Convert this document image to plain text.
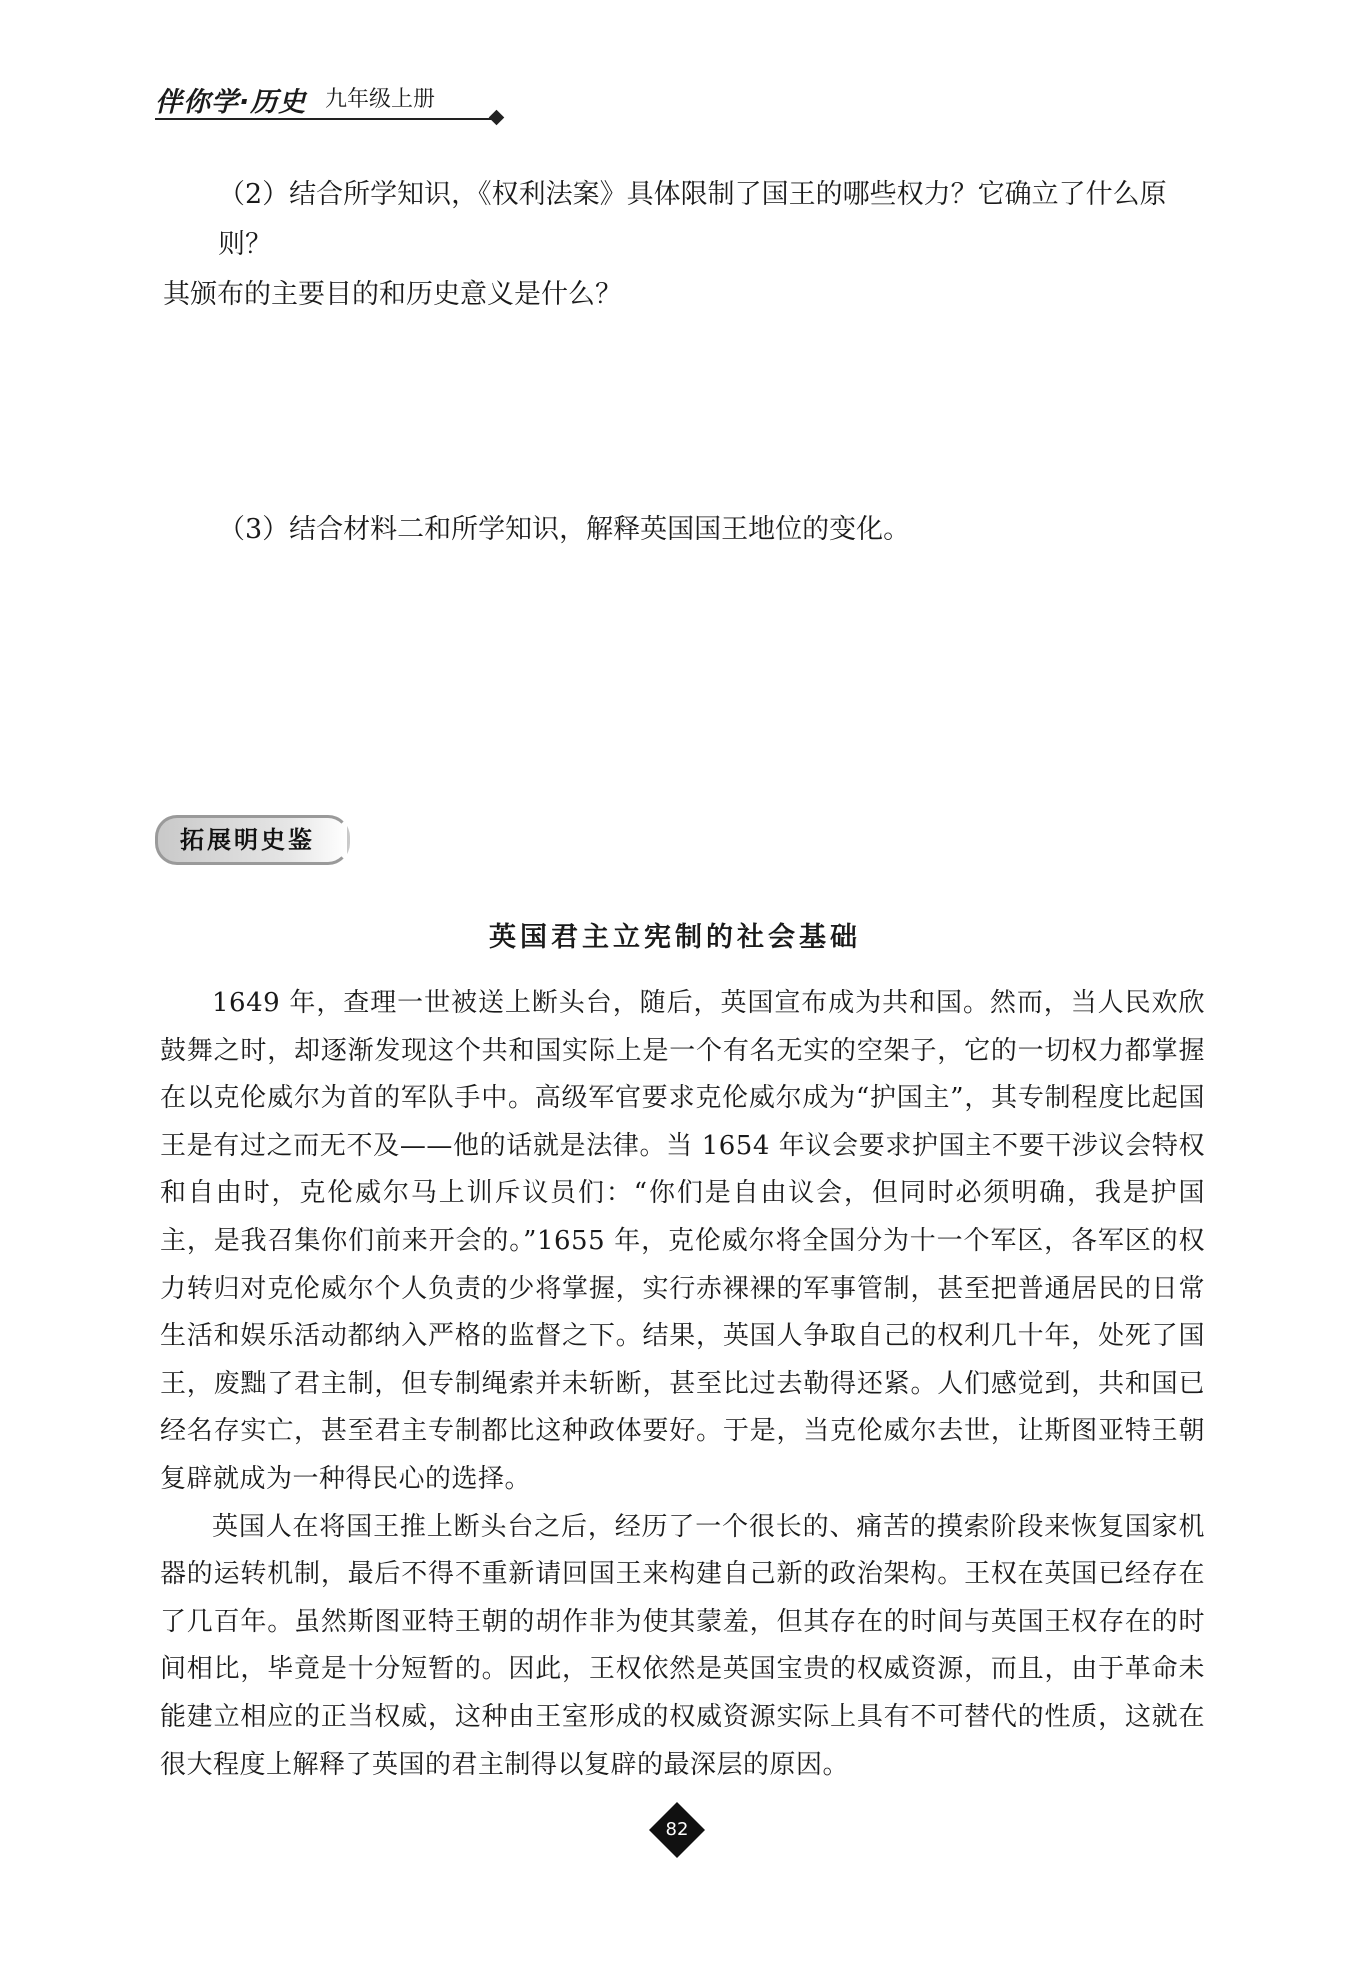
伴你学·历史 九年级上册
（2）结合所学知识，《权利法案》具体限制了国王的哪些权力？它确立了什么原则？
其颁布的主要目的和历史意义是什么？
（3）结合材料二和所学知识，解释英国国王地位的变化。
拓展明史鉴
英国君主立宪制的社会基础

1649 年，查理一世被送上断头台，随后，英国宣布成为共和国。然而，当人民欢欣鼓舞之时，却逐渐发现这个共和国实际上是一个有名无实的空架子，它的一切权力都掌握在以克伦威尔为首的军队手中。高级军官要求克伦威尔成为“护国主”，其专制程度比起国王是有过之而无不及——他的话就是法律。当 1654 年议会要求护国主不要干涉议会特权和自由时，克伦威尔马上训斥议员们：“你们是自由议会，但同时必须明确，我是护国主，是我召集你们前来开会的。”1655 年，克伦威尔将全国分为十一个军区，各军区的权力转归对克伦威尔个人负责的少将掌握，实行赤裸裸的军事管制，甚至把普通居民的日常生活和娱乐活动都纳入严格的监督之下。结果，英国人争取自己的权利几十年，处死了国王，废黜了君主制，但专制绳索并未斩断，甚至比过去勒得还紧。人们感觉到，共和国已经名存实亡，甚至君主专制都比这种政体要好。于是，当克伦威尔去世，让斯图亚特王朝复辟就成为一种得民心的选择。

英国人在将国王推上断头台之后，经历了一个很长的、痛苦的摸索阶段来恢复国家机器的运转机制，最后不得不重新请回国王来构建自己新的政治架构。王权在英国已经存在了几百年。虽然斯图亚特王朝的胡作非为使其蒙羞，但其存在的时间与英国王权存在的时间相比，毕竟是十分短暂的。因此，王权依然是英国宝贵的权威资源，而且，由于革命未能建立相应的正当权威，这种由王室形成的权威资源实际上具有不可替代的性质，这就在很大程度上解释了英国的君主制得以复辟的最深层的原因。

82
